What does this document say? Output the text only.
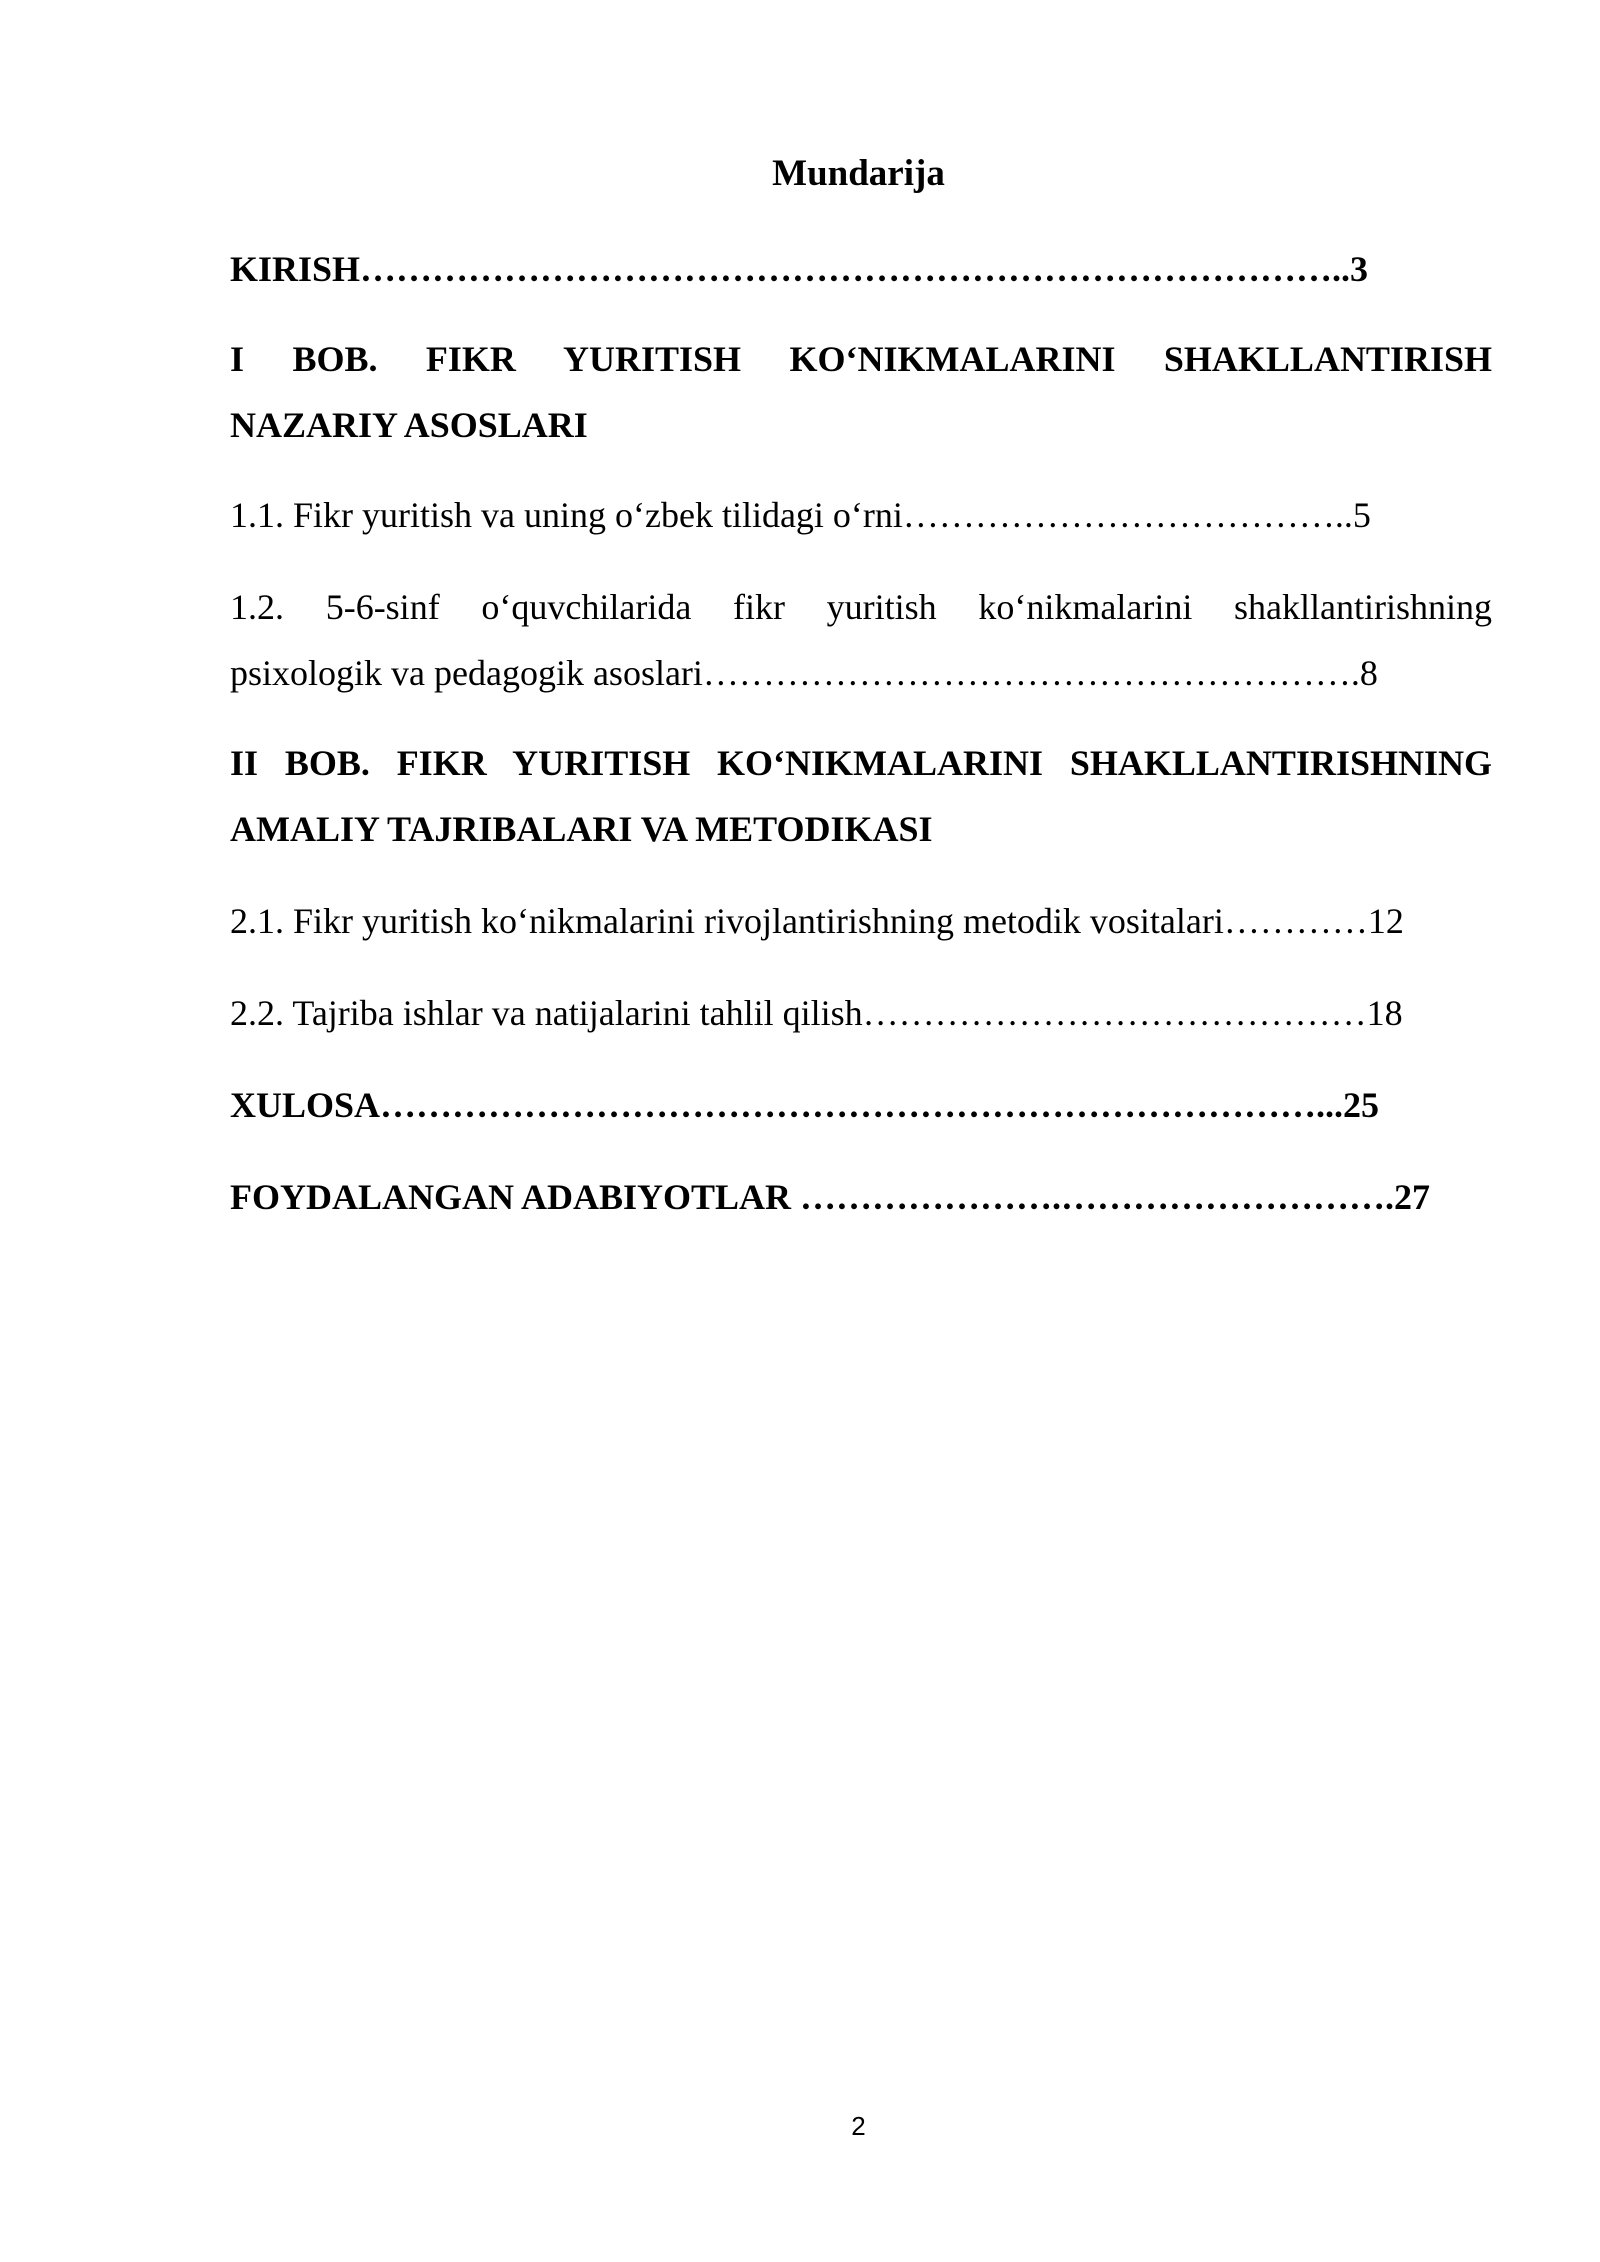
Mundarija
KIRISH………………………………………………………………………..3
I BOB. FIKR YURITISH KO‘NIKMALARINI SHAKLLANTIRISH
NAZARIY ASOSLARI
1.1. Fikr yuritish va uning o‘zbek tilidagi o‘rni………………………………..5
1.2. 5-6-sinf o‘quvchilarida fikr yuritish ko‘nikmalarini shakllantirishning
psixologik va pedagogik asoslari……………………………………………….8
II BOB. FIKR YURITISH KO‘NIKMALARINI SHAKLLANTIRISHNING
AMALIY TAJRIBALARI VA METODIKASI
2.1. Fikr yuritish ko‘nikmalarini rivojlantirishning metodik vositalari…………12
2.2. Tajriba ishlar va natijalarini tahlil qilish……………………………………18
XULOSA……………………………………………………………………...25
FOYDALANGAN ADABIYOTLAR ………………….……………………….27
2
